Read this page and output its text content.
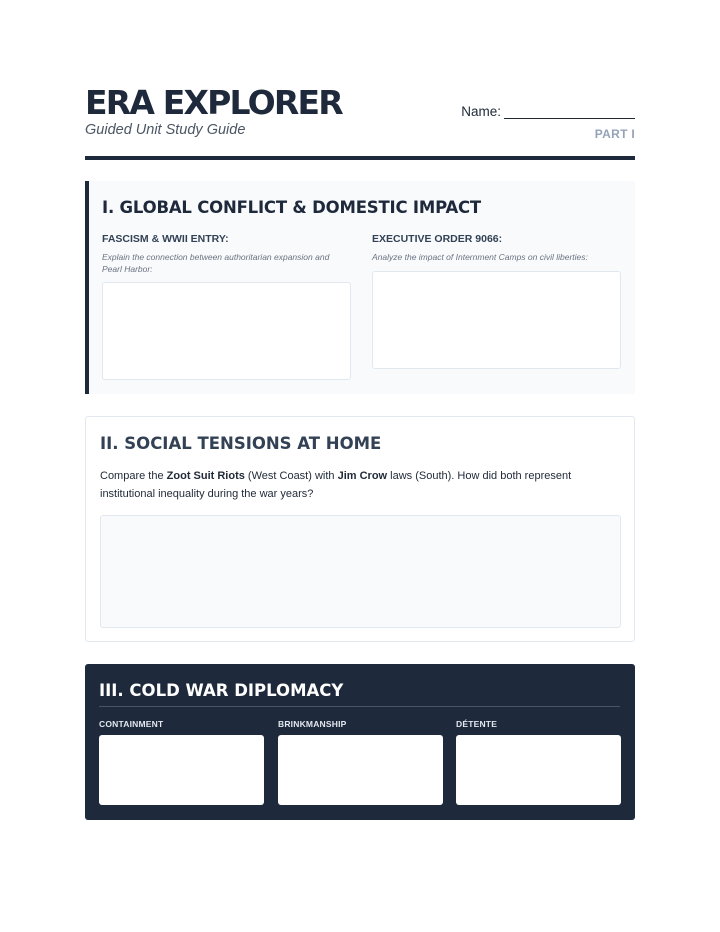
ERA EXPLORER
Guided Unit Study Guide
Name:
PART I
I. GLOBAL CONFLICT & DOMESTIC IMPACT
FASCISM & WWII ENTRY:
Explain the connection between authoritarian expansion and Pearl Harbor:
EXECUTIVE ORDER 9066:
Analyze the impact of Internment Camps on civil liberties:
II. SOCIAL TENSIONS AT HOME

Compare the Zoot Suit Riots (West Coast) with Jim Crow laws (South). How did both represent institutional inequality during the war years?

III. COLD WAR DIPLOMACY
CONTAINMENT	BRINKMANSHIP	DÉTENTE
